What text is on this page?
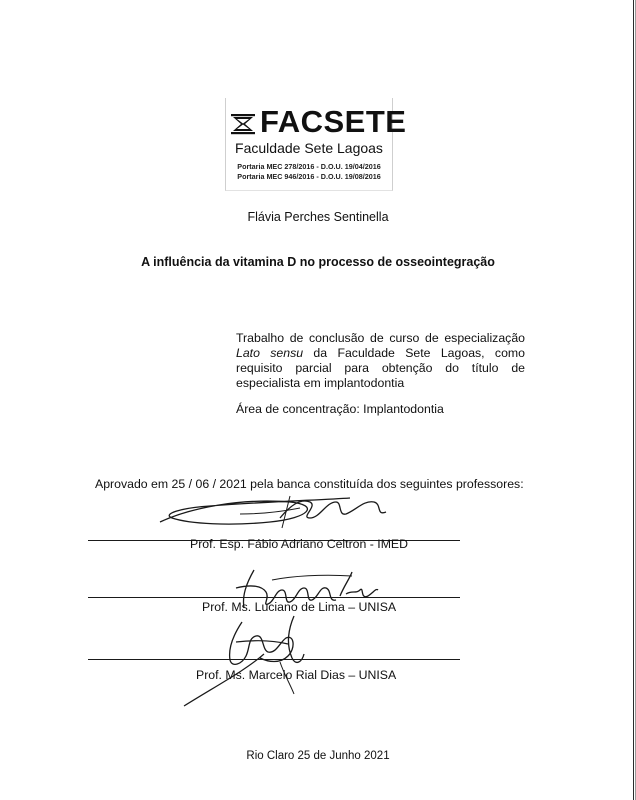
FACSETE
Faculdade Sete Lagoas
Portaria MEC 278/2016 - D.O.U. 19/04/2016
Portaria MEC 946/2016 - D.O.U. 19/08/2016
Flávia Perches Sentinella
A influência da vitamina D no processo de osseointegração
Trabalho de conclusão de curso de especialização Lato sensu da Faculdade Sete Lagoas, como requisito parcial para obtenção do título de especialista em implantodontia
Área de concentração: Implantodontia
Aprovado em 25 / 06 / 2021 pela banca constituída dos seguintes professores:
Prof. Esp. Fábio Adriano Celtron - IMED
Prof. Ms. Luciano de Lima – UNISA
Prof. Ms. Marcelo Rial Dias – UNISA
Rio Claro 25 de Junho 2021
